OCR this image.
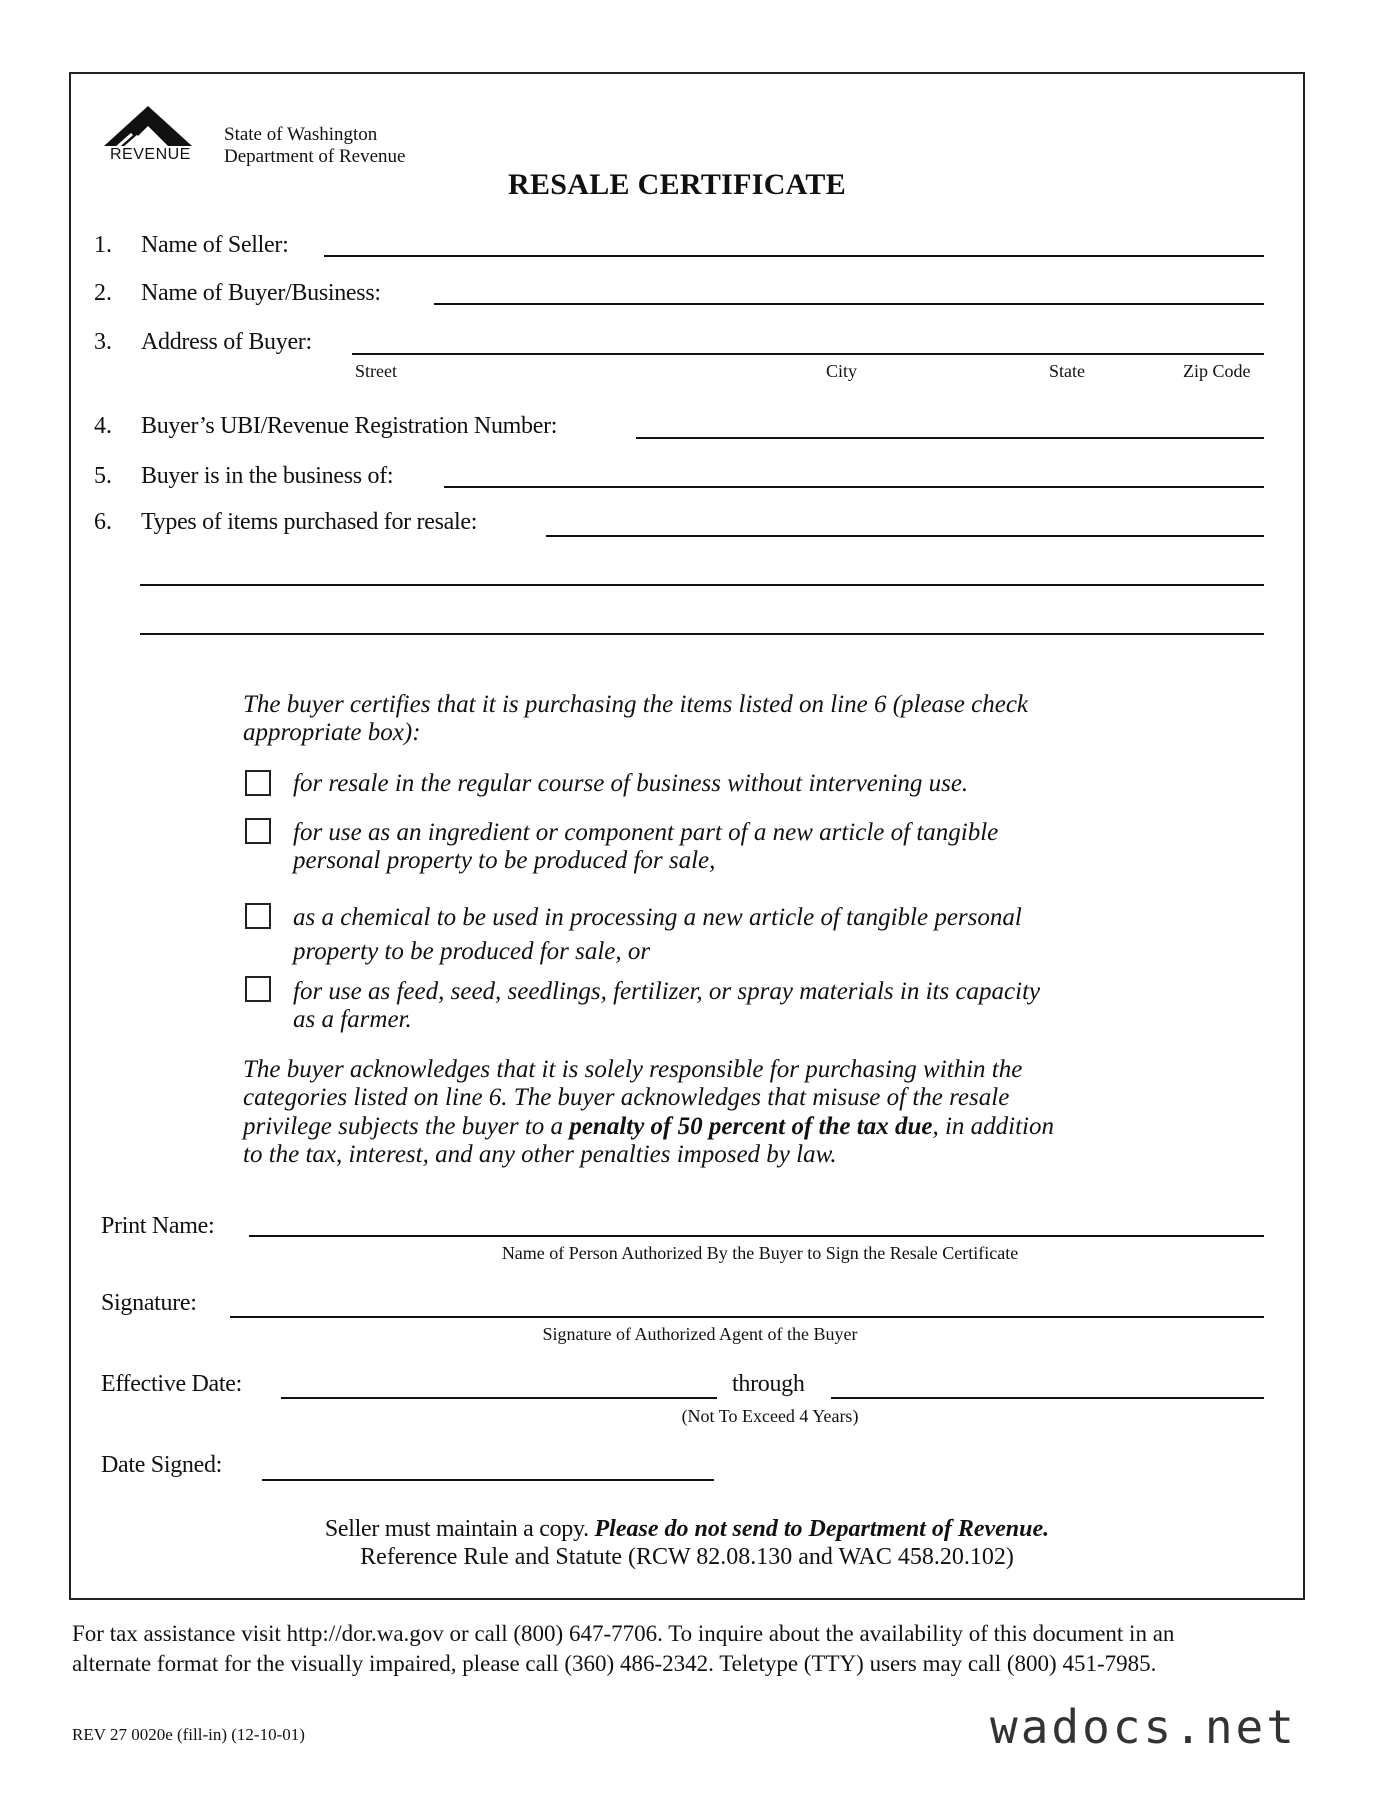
REVENUE
State of Washington
Department of Revenue
RESALE CERTIFICATE
1. Name of Seller:
2. Name of Buyer/Business:
3. Address of Buyer:
Street	City	State	Zip Code
4. Buyer’s UBI/Revenue Registration Number:
5. Buyer is in the business of:
6. Types of items purchased for resale:
The buyer certifies that it is purchasing the items listed on line 6 (please check
appropriate box):
for resale in the regular course of business without intervening use.
for use as an ingredient or component part of a new article of tangible
personal property to be produced for sale,
as a chemical to be used in processing a new article of tangible personal
property to be produced for sale, or
for use as feed, seed, seedlings, fertilizer, or spray materials in its capacity
as a farmer.
The buyer acknowledges that it is solely responsible for purchasing within the
categories listed on line 6. The buyer acknowledges that misuse of the resale
privilege subjects the buyer to a penalty of 50 percent of the tax due, in addition
to the tax, interest, and any other penalties imposed by law.
Print Name:
Name of Person Authorized By the Buyer to Sign the Resale Certificate
Signature:
Signature of Authorized Agent of the Buyer
Effective Date:	through
(Not To Exceed 4 Years)
Date Signed:
Seller must maintain a copy. Please do not send to Department of Revenue.
Reference Rule and Statute (RCW 82.08.130 and WAC 458.20.102)
For tax assistance visit http://dor.wa.gov or call (800) 647-7706. To inquire about the availability of this document in an
alternate format for the visually impaired, please call (360) 486-2342. Teletype (TTY) users may call (800) 451-7985.
REV 27 0020e (fill-in) (12-10-01)	wadocs.net
